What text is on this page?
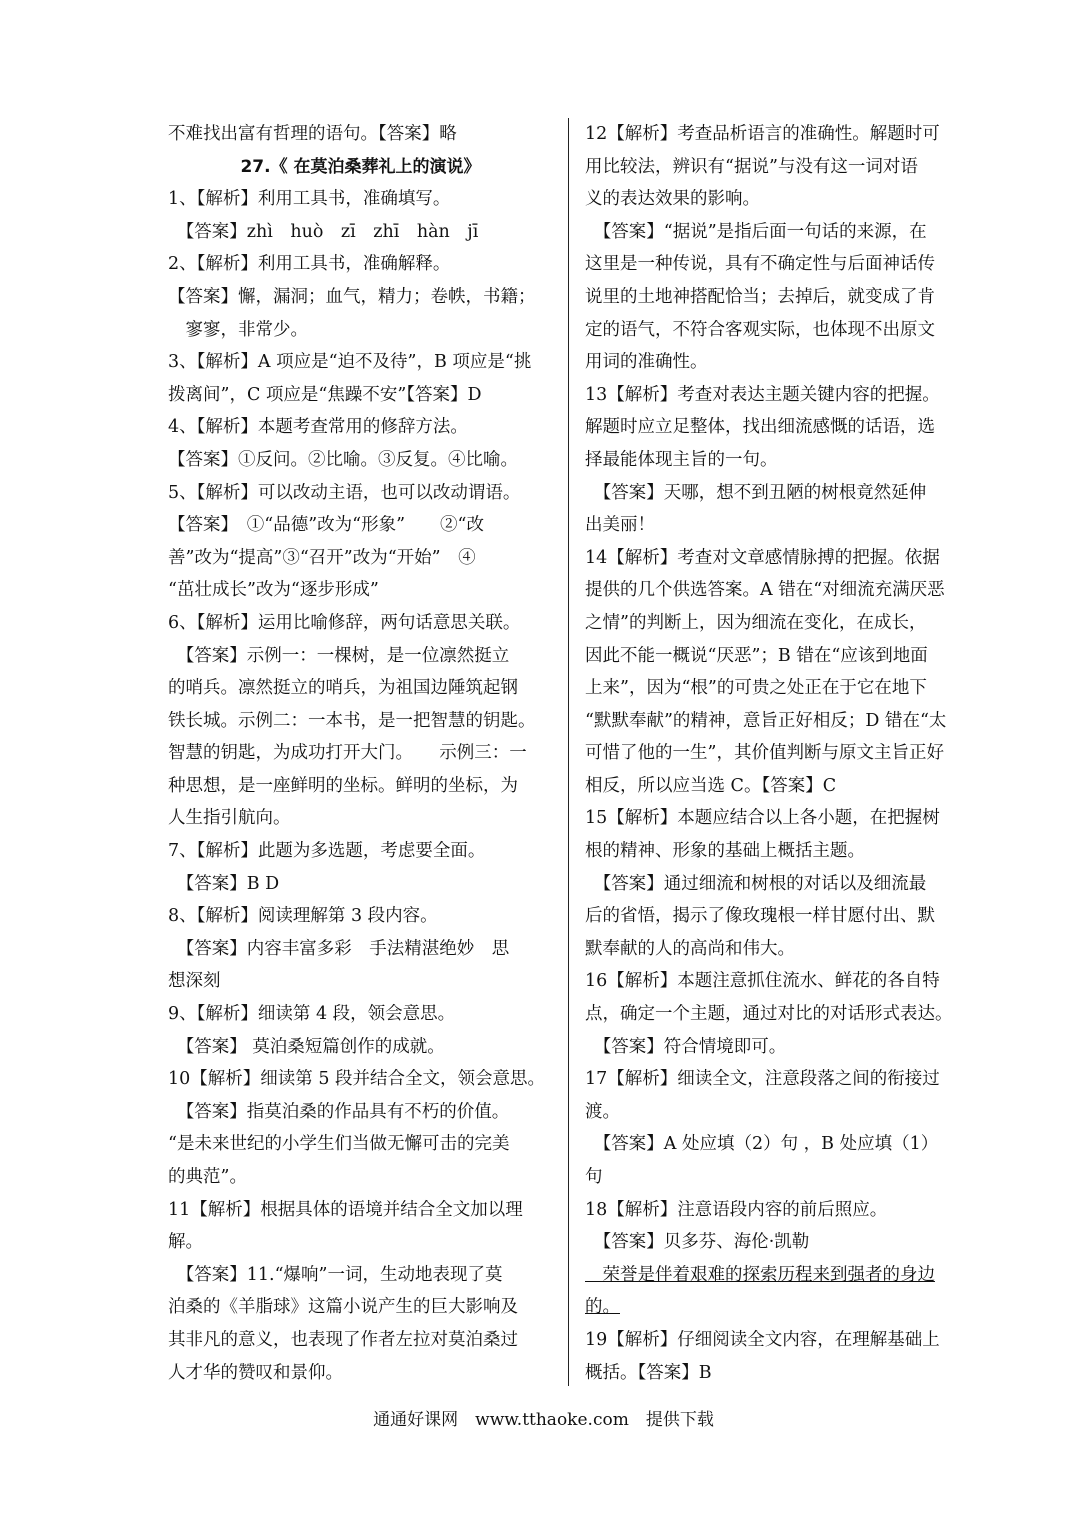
不难找出富有哲理的语句。【答案】略
27.《 在莫泊桑葬礼上的演说》
1、【解析】利用工具书，准确填写。
　【答案】zhì　huò　zī　zhī　hàn　jī
2、【解析】利用工具书，准确解释。
【答案】懈，漏洞；血气，精力；卷帙，书籍；
　寥寥，非常少。
3、【解析】A 项应是“迫不及待”，B 项应是“挑
拨离间”，C 项应是“焦躁不安”【答案】D
4、【解析】本题考查常用的修辞方法。
【答案】①反问。②比喻。③反复。④比喻。
5、【解析】可以改动主语，也可以改动谓语。
【答案】　①“品德”改为“形象”　　②“改
善”改为“提高”③“召开”改为“开始”　④
“茁壮成长”改为“逐步形成”
6、【解析】运用比喻修辞，两句话意思关联。
　【答案】示例一：一棵树，是一位凛然挺立
的哨兵。凛然挺立的哨兵，为祖国边陲筑起钢
铁长城。示例二：一本书，是一把智慧的钥匙。
智慧的钥匙，为成功打开大门。　　示例三：一
种思想，是一座鲜明的坐标。鲜明的坐标，为
人生指引航向。
7、【解析】此题为多选题，考虑要全面。
　【答案】B D
8、【解析】阅读理解第 3 段内容。
　【答案】内容丰富多彩　手法精湛绝妙　思
想深刻
9、【解析】细读第 4 段，领会意思。
　【答案】 莫泊桑短篇创作的成就。
10【解析】细读第 5 段并结合全文，领会意思。
　【答案】指莫泊桑的作品具有不朽的价值。
“是未来世纪的小学生们当做无懈可击的完美
的典范”。
11【解析】根据具体的语境并结合全文加以理
解。
　【答案】11.“爆响”一词，生动地表现了莫
泊桑的《羊脂球》这篇小说产生的巨大影响及
其非凡的意义，也表现了作者左拉对莫泊桑过
人才华的赞叹和景仰。
12【解析】考查品析语言的准确性。解题时可
用比较法，辨识有“据说”与没有这一词对语
义的表达效果的影响。
　【答案】“据说”是指后面一句话的来源，在
这里是一种传说，具有不确定性与后面神话传
说里的土地神搭配恰当；去掉后，就变成了肯
定的语气，不符合客观实际，也体现不出原文
用词的准确性。
13【解析】考查对表达主题关键内容的把握。
解题时应立足整体，找出细流感慨的话语，选
择最能体现主旨的一句。
　【答案】天哪，想不到丑陋的树根竟然延伸
出美丽！
14【解析】考查对文章感情脉搏的把握。依据
提供的几个供选答案。A 错在“对细流充满厌恶
之情”的判断上，因为细流在变化，在成长，
因此不能一概说“厌恶”；B 错在“应该到地面
上来”，因为“根”的可贵之处正在于它在地下
“默默奉献”的精神，意旨正好相反；D 错在“太
可惜了他的一生”，其价值判断与原文主旨正好
相反，所以应当选 C。【答案】C
15【解析】本题应结合以上各小题，在把握树
根的精神、形象的基础上概括主题。
　【答案】通过细流和树根的对话以及细流最
后的省悟，揭示了像玫瑰根一样甘愿付出、默
默奉献的人的高尚和伟大。
16【解析】本题注意抓住流水、鲜花的各自特
点，确定一个主题，通过对比的对话形式表达。
　【答案】符合情境即可。
17【解析】细读全文，注意段落之间的衔接过
渡。
　【答案】A 处应填（2）句 ，B 处应填（1）
句
18【解析】注意语段内容的前后照应。
　【答案】贝多芬、海伦·凯勒
　荣誉是伴着艰难的探索历程来到强者的身边
的。
19【解析】仔细阅读全文内容，在理解基础上
概括。【答案】B
通通好课网　www.tthaoke.com　提供下载
